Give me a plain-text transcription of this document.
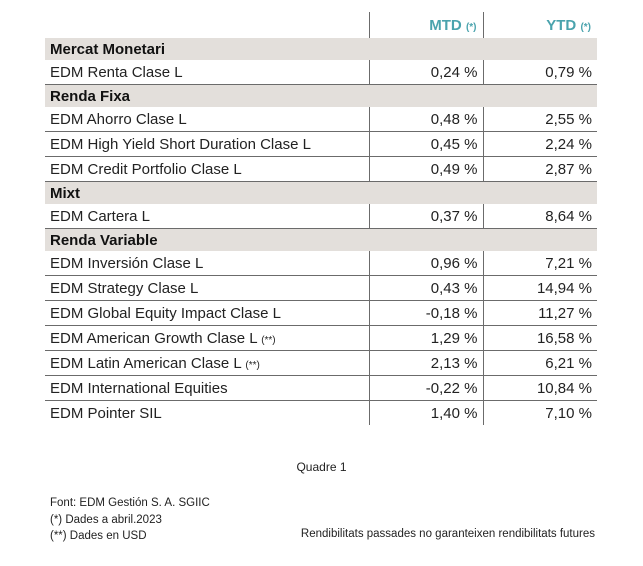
	MTD (*)	YTD (*)
Mercat Monetari		
EDM Renta Clase L	0,24 %	0,79 %
Renda Fixa		
EDM Ahorro Clase L	0,48 %	2,55 %
EDM High Yield Short Duration Clase L	0,45 %	2,24 %
EDM Credit Portfolio Clase L	0,49 %	2,87 %
Mixt		
EDM Cartera L	0,37 %	8,64 %
Renda Variable		
EDM Inversión Clase L	0,96 %	7,21 %
EDM Strategy Clase L	0,43 %	14,94 %
EDM Global Equity Impact Clase L	-0,18 %	11,27 %
EDM American Growth Clase L (**)	1,29 %	16,58 %
EDM Latin American Clase L (**)	2,13 %	6,21 %
EDM International Equities	-0,22 %	10,84 %
EDM Pointer SIL	1,40 %	7,10 %
Quadre 1
Font: EDM Gestión S. A. SGIIC
(*) Dades a abril.2023
(**) Dades en USD	Rendibilitats passades no garanteixen rendibilitats futures
